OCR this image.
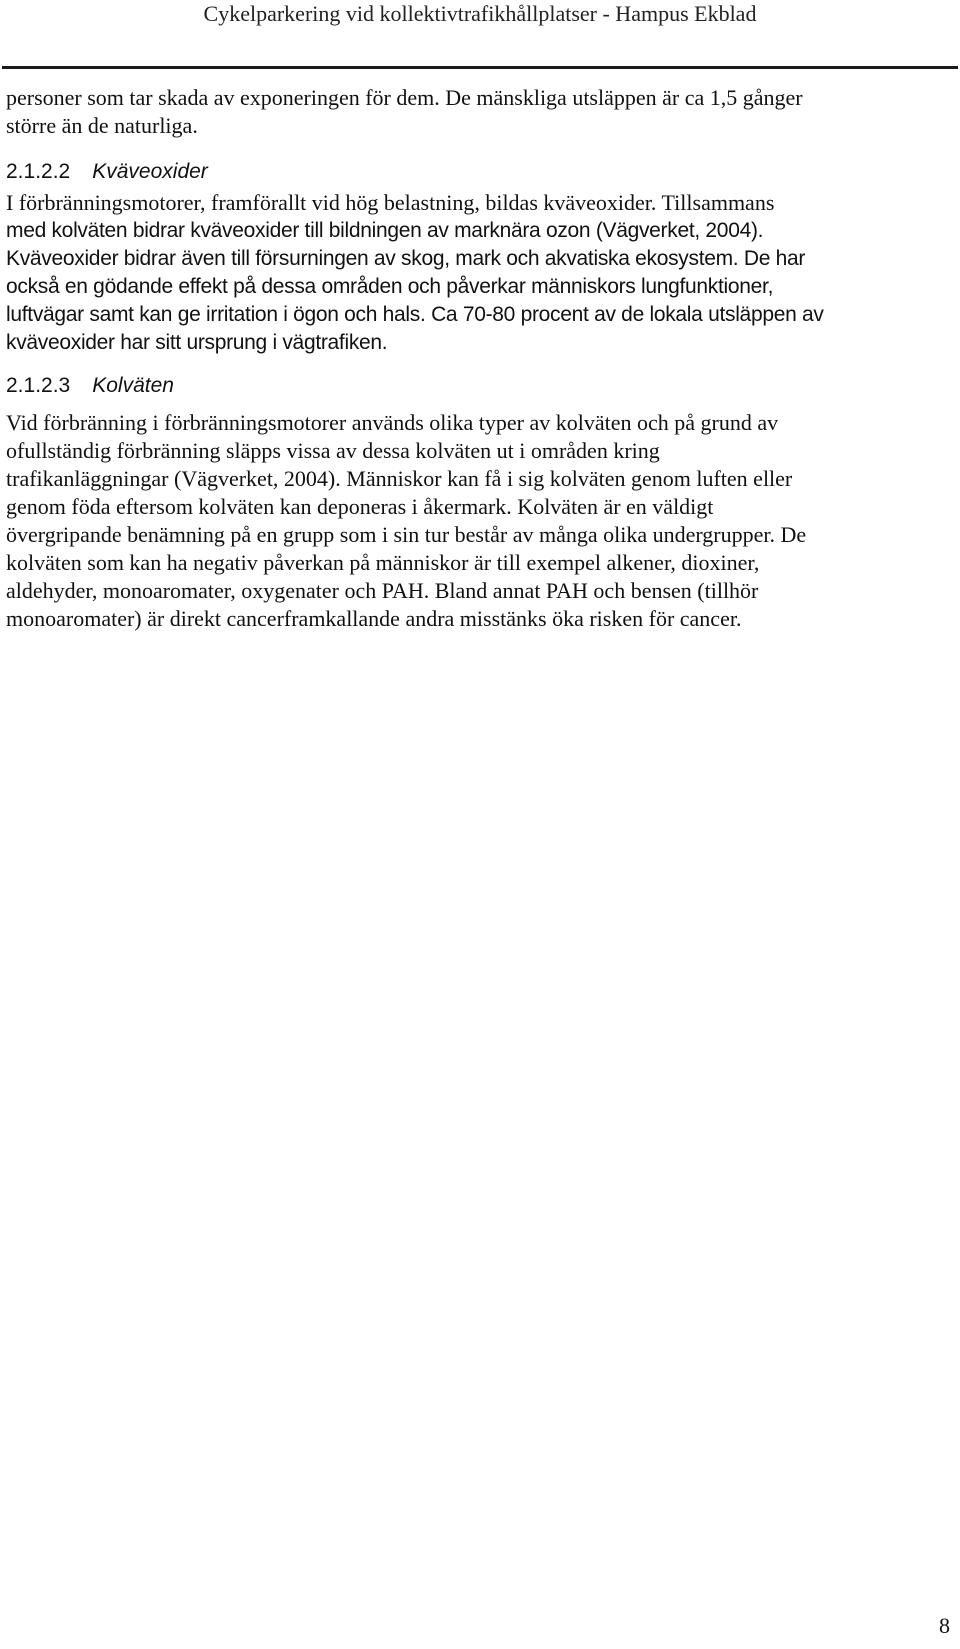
Cykelparkering vid kollektivtrafikhållplatser - Hampus Ekblad
personer som tar skada av exponeringen för dem. De mänskliga utsläppen är ca 1,5 gånger
större än de naturliga.
2.1.2.2 Kväveoxider
I förbränningsmotorer, framförallt vid hög belastning, bildas kväveoxider. Tillsammans
med kolväten bidrar kväveoxider till bildningen av marknära ozon (Vägverket, 2004).
Kväveoxider bidrar även till försurningen av skog, mark och akvatiska ekosystem. De har
också en gödande effekt på dessa områden och påverkar människors lungfunktioner,
luftvägar samt kan ge irritation i ögon och hals. Ca 70-80 procent av de lokala utsläppen av
kväveoxider har sitt ursprung i vägtrafiken.
2.1.2.3 Kolväten
Vid förbränning i förbränningsmotorer används olika typer av kolväten och på grund av
ofullständig förbränning släpps vissa av dessa kolväten ut i områden kring
trafikanläggningar (Vägverket, 2004). Människor kan få i sig kolväten genom luften eller
genom föda eftersom kolväten kan deponeras i åkermark. Kolväten är en väldigt
övergripande benämning på en grupp som i sin tur består av många olika undergrupper. De
kolväten som kan ha negativ påverkan på människor är till exempel alkener, dioxiner,
aldehyder, monoaromater, oxygenater och PAH. Bland annat PAH och bensen (tillhör
monoaromater) är direkt cancerframkallande andra misstänks öka risken för cancer.
8
